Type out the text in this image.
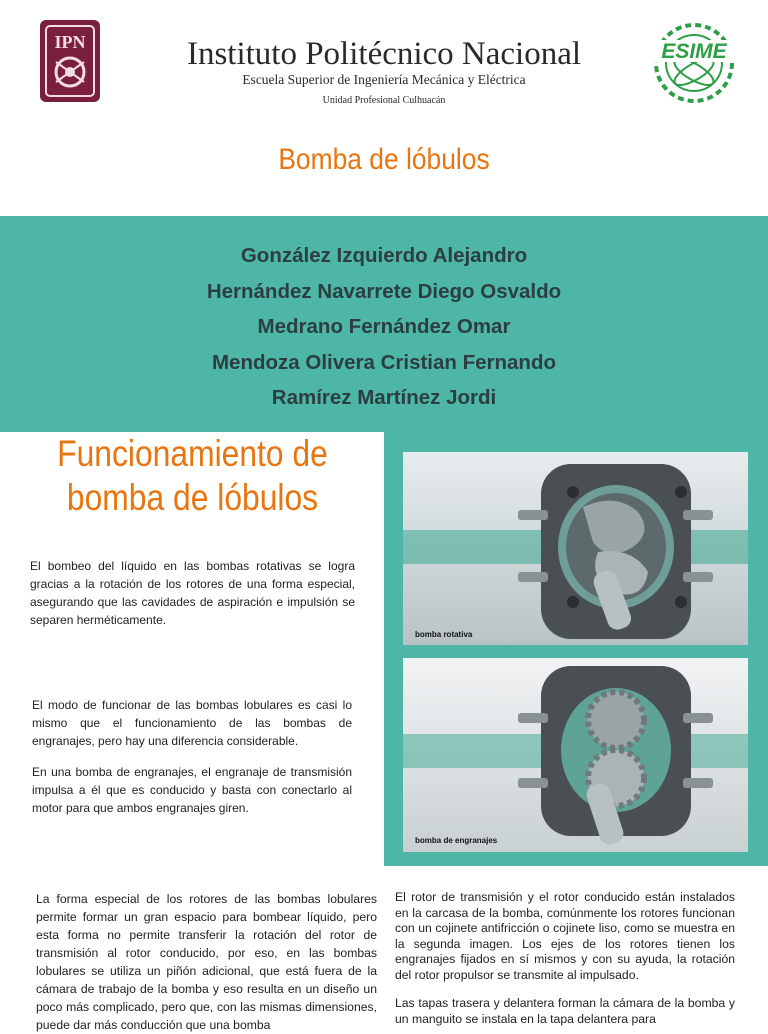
IPN	ESIME
Instituto Politécnico Nacional
Escuela Superior de Ingeniería Mecánica y Eléctrica
Unidad Profesional Culhuacán
Bomba de lóbulos
González Izquierdo Alejandro
Hernández Navarrete Diego Osvaldo
Medrano Fernández Omar
Mendoza Olivera Cristian Fernando
Ramírez Martínez Jordi
bomba rotativa
bomba de engranajes
Funcionamiento de
bomba de lóbulos

El bombeo del líquido en las bombas rotativas se logra gracias a la rotación de los rotores de una forma especial, asegurando que las cavidades de aspiración e impulsión se separen herméticamente.

El modo de funcionar de las bombas lobulares es casi lo mismo que el funcionamiento de las bombas de engranajes, pero hay una diferencia considerable.

En una bomba de engranajes, el engranaje de transmisión impulsa a él que es conducido y basta con conectarlo al motor para que ambos engranajes giren.

La forma especial de los rotores de las bombas lobulares permite formar un gran espacio para bombear líquido, pero esta forma no permite transferir la rotación del rotor de transmisión al rotor conducido, por eso, en las bombas lobulares se utiliza un piñón adicional, que está fuera de la cámara de trabajo de la bomba y eso resulta en un diseño un poco más complicado, pero que, con las mismas dimensiones, puede dar más conducción que una bomba

El rotor de transmisión y el rotor conducido están instalados en la carcasa de la bomba, comúnmente los rotores funcionan con un cojinete antifricción o cojinete liso, como se muestra en la segunda imagen. Los ejes de los rotores tienen los engranajes fijados en sí mismos y con su ayuda, la rotación del rotor propulsor se transmite al impulsado.

Las tapas trasera y delantera forman la cámara de la bomba y un manguito se instala en la tapa delantera para
